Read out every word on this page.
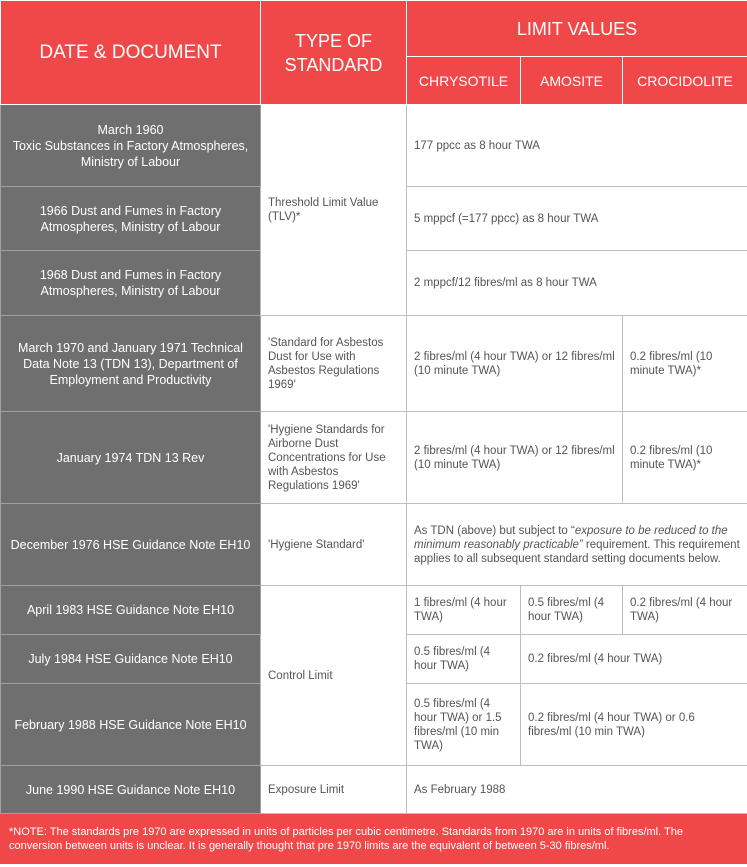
DATE & DOCUMENT	TYPE OF STANDARD	LIMIT VALUES		
		CHRYSOTILE	AMOSITE	CROCIDOLITE
March 1960
Toxic Substances in Factory Atmospheres, Ministry of Labour	Threshold Limit Value (TLV)*	177 ppcc as 8 hour TWA		
1966 Dust and Fumes in Factory Atmospheres, Ministry of Labour		5 mppcf (=177 ppcc) as 8 hour TWA		
1968 Dust and Fumes in Factory Atmospheres, Ministry of Labour		2 mppcf/12 fibres/ml as 8 hour TWA		
March 1970 and January 1971 Technical Data Note 13 (TDN 13), Department of Employment and Productivity	'Standard for Asbestos Dust for Use with Asbestos Regulations 1969'	2 fibres/ml (4 hour TWA) or 12 fibres/ml (10 minute TWA)		0.2 fibres/ml (10 minute TWA)*
January 1974 TDN 13 Rev	'Hygiene Standards for Airborne Dust Concentrations for Use with Asbestos Regulations 1969'	2 fibres/ml (4 hour TWA) or 12 fibres/ml (10 minute TWA)		0.2 fibres/ml (10 minute TWA)*
December 1976 HSE Guidance Note EH10	'Hygiene Standard'	As TDN (above) but subject to “exposure to be reduced to the minimum reasonably practicable” requirement. This requirement applies to all subsequent standard setting documents below.		
April 1983 HSE Guidance Note EH10	Control Limit	1 fibres/ml (4 hour TWA)	0.5 fibres/ml (4 hour TWA)	0.2 fibres/ml (4 hour TWA)
July 1984 HSE Guidance Note EH10		0.5 fibres/ml (4 hour TWA)	0.2 fibres/ml (4 hour TWA)	
February 1988 HSE Guidance Note EH10		0.5 fibres/ml (4 hour TWA) or 1.5 fibres/ml (10 min TWA)	0.2 fibres/ml (4 hour TWA) or 0.6 fibres/ml (10 min TWA)	
June 1990 HSE Guidance Note EH10	Exposure Limit	As February 1988		
*NOTE: The standards pre 1970 are expressed in units of particles per cubic centimetre. Standards from 1970 are in units of fibres/ml. The conversion between units is unclear. It is generally thought that pre 1970 limits are the equivalent of between 5-30 fibres/ml.				
